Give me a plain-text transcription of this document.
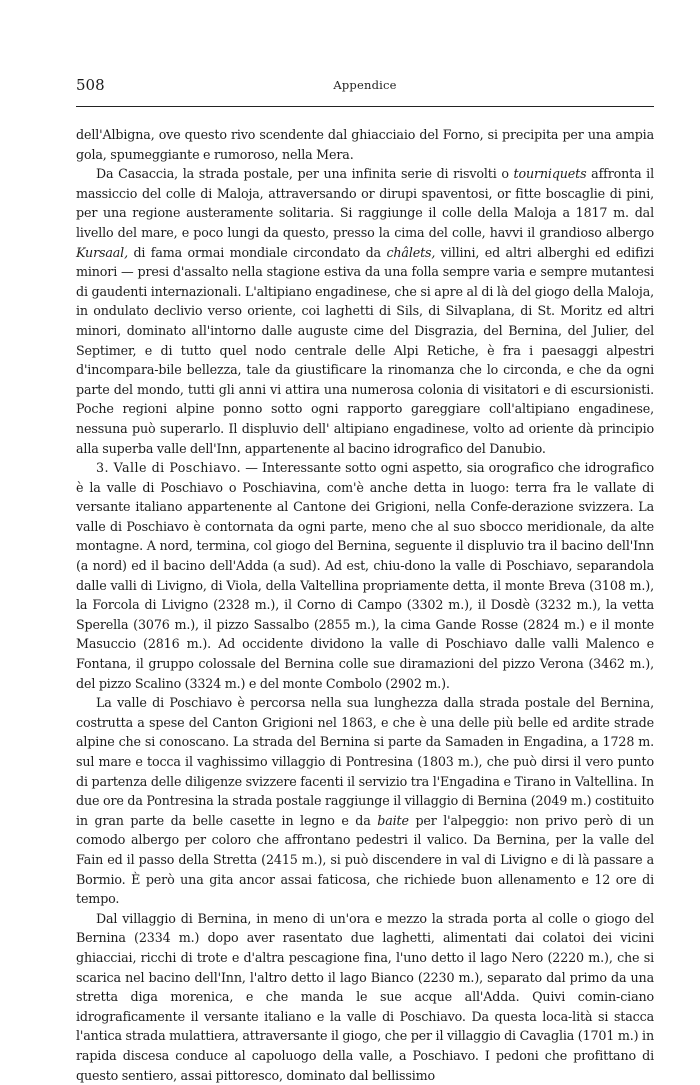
508	Appendice

dell'Albigna, ove questo rivo scendente dal ghiacciaio del Forno, si precipita per una ampia gola, spumeggiante e rumoroso, nella Mera.

Da Casaccia, la strada postale, per una infinita serie di risvolti o tourniquets affronta il massiccio del colle di Maloja, attraversando or dirupi spaventosi, or fitte boscaglie di pini, per una regione austeramente solitaria. Si raggiunge il colle della Maloja a 1817 m. dal livello del mare, e poco lungi da questo, presso la cima del colle, havvi il grandioso albergo Kursaal, di fama ormai mondiale circondato da châlets, villini, ed altri alberghi ed edifizi minori — presi d'assalto nella stagione estiva da una folla sempre varia e sempre mutantesi di gaudenti internazionali. L'altipiano engadinese, che si apre al di là del giogo della Maloja, in ondulato declivio verso oriente, coi laghetti di Sils, di Silvaplana, di St. Moritz ed altri minori, dominato all'intorno dalle auguste cime del Disgrazia, del Bernina, del Julier, del Septimer, e di tutto quel nodo centrale delle Alpi Retiche, è fra i paesaggi alpestri d'incompara-bile bellezza, tale da giustificare la rinomanza che lo circonda, e che da ogni parte del mondo, tutti gli anni vi attira una numerosa colonia di visitatori e di escursionisti. Poche regioni alpine ponno sotto ogni rapporto gareggiare coll'altipiano engadinese, nessuna può superarlo. Il displuvio dell' altipiano engadinese, volto ad oriente dà principio alla superba valle dell'Inn, appartenente al bacino idrografico del Danubio.

3. Valle di Poschiavo. — Interessante sotto ogni aspetto, sia orografico che idrografico è la valle di Poschiavo o Poschiavina, com'è anche detta in luogo: terra fra le vallate di versante italiano appartenente al Cantone dei Grigioni, nella Confe-derazione svizzera. La valle di Poschiavo è contornata da ogni parte, meno che al suo sbocco meridionale, da alte montagne. A nord, termina, col giogo del Bernina, seguente il displuvio tra il bacino dell'Inn (a nord) ed il bacino dell'Adda (a sud). Ad est, chiu-dono la valle di Poschiavo, separandola dalle valli di Livigno, di Viola, della Valtellina propriamente detta, il monte Breva (3108 m.), la Forcola di Livigno (2328 m.), il Corno di Campo (3302 m.), il Dosdè (3232 m.), la vetta Sperella (3076 m.), il pizzo Sassalbo (2855 m.), la cima Gande Rosse (2824 m.) e il monte Masuccio (2816 m.). Ad occidente dividono la valle di Poschiavo dalle valli Malenco e Fontana, il gruppo colossale del Bernina colle sue diramazioni del pizzo Verona (3462 m.), del pizzo Scalino (3324 m.) e del monte Combolo (2902 m.).

La valle di Poschiavo è percorsa nella sua lunghezza dalla strada postale del Bernina, costrutta a spese del Canton Grigioni nel 1863, e che è una delle più belle ed ardite strade alpine che si conoscano. La strada del Bernina si parte da Samaden in Engadina, a 1728 m. sul mare e tocca il vaghissimo villaggio di Pontresina (1803 m.), che può dirsi il vero punto di partenza delle diligenze svizzere facenti il servizio tra l'Engadina e Tirano in Valtellina. In due ore da Pontresina la strada postale raggiunge il villaggio di Bernina (2049 m.) costituito in gran parte da belle casette in legno e da baite per l'alpeggio: non privo però di un comodo albergo per coloro che affrontano pedestri il valico. Da Bernina, per la valle del Fain ed il passo della Stretta (2415 m.), si può discendere in val di Livigno e di là passare a Bormio. È però una gita ancor assai faticosa, che richiede buon allenamento e 12 ore di tempo.

Dal villaggio di Bernina, in meno di un'ora e mezzo la strada porta al colle o giogo del Bernina (2334 m.) dopo aver rasentato due laghetti, alimentati dai colatoi dei vicini ghiacciai, ricchi di trote e d'altra pescagione fina, l'uno detto il lago Nero (2220 m.), che si scarica nel bacino dell'Inn, l'altro detto il lago Bianco (2230 m.), separato dal primo da una stretta diga morenica, e che manda le sue acque all'Adda. Quivi comin-ciano idrograficamente il versante italiano e la valle di Poschiavo. Da questa loca-lità si stacca l'antica strada mulattiera, attraversante il giogo, che per il villaggio di Cavaglia (1701 m.) in rapida discesa conduce al capoluogo della valle, a Poschiavo. I pedoni che profittano di questo sentiero, assai pittoresco, dominato dal bellissimo
